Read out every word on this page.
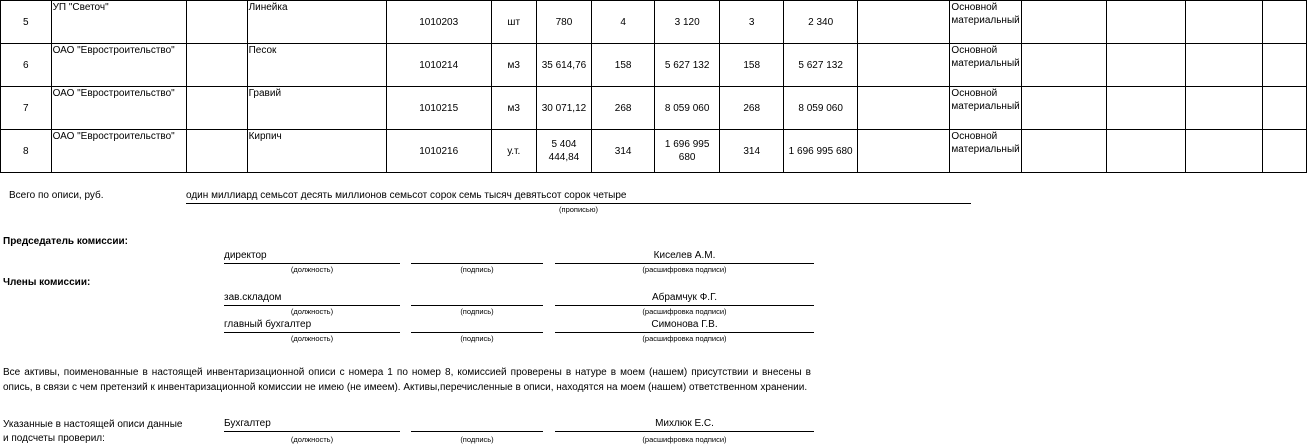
5	УП "Светоч"		Линейка	1010203	шт	780	4	3 120	3	2 340		Основной материальный				
6	ОАО "Евростроительство"		Песок	1010214	м3	35 614,76	158	5 627 132	158	5 627 132		Основной материальный				
7	ОАО "Евростроительство"		Гравий	1010215	м3	30 071,12	268	8 059 060	268	8 059 060		Основной материальный				
8	ОАО "Евростроительство"		Кирпич	1010216	у.т.	5 404 444,84	314	1 696 995 680	314	1 696 995 680		Основной материальный				
Всего по описи, руб.	один миллиард семьсот десять миллионов семьсот сорок семь тысяч девятьсот сорок четыре
(прописью)
Председатель комиссии:
директор	Киселев А.М.
(должность)	(подпись)	(расшифровка подписи)
Члены комиссии:
зав.складом	Абрамчук Ф.Г.
(должность)	(подпись)	(расшифровка подписи)
главный бухгалтер	Симонова Г.В.
(должность)	(подпись)	(расшифровка подписи)
Все активы, поименованные в настоящей инвентаризационной описи с номера 1 по номер 8, комиссией проверены в натуре в моем (нашем) присутствии и внесены в опись, в связи с чем претензий к инвентаризационной комиссии не имею (не имеем). Активы,перечисленные в описи, находятся на моем (нашем) ответственном хранении.
Указанные в настоящей описи данные
и подсчеты проверил:
Бухгалтер	Михлюк Е.С.
(должность)	(подпись)	(расшифровка подписи)
